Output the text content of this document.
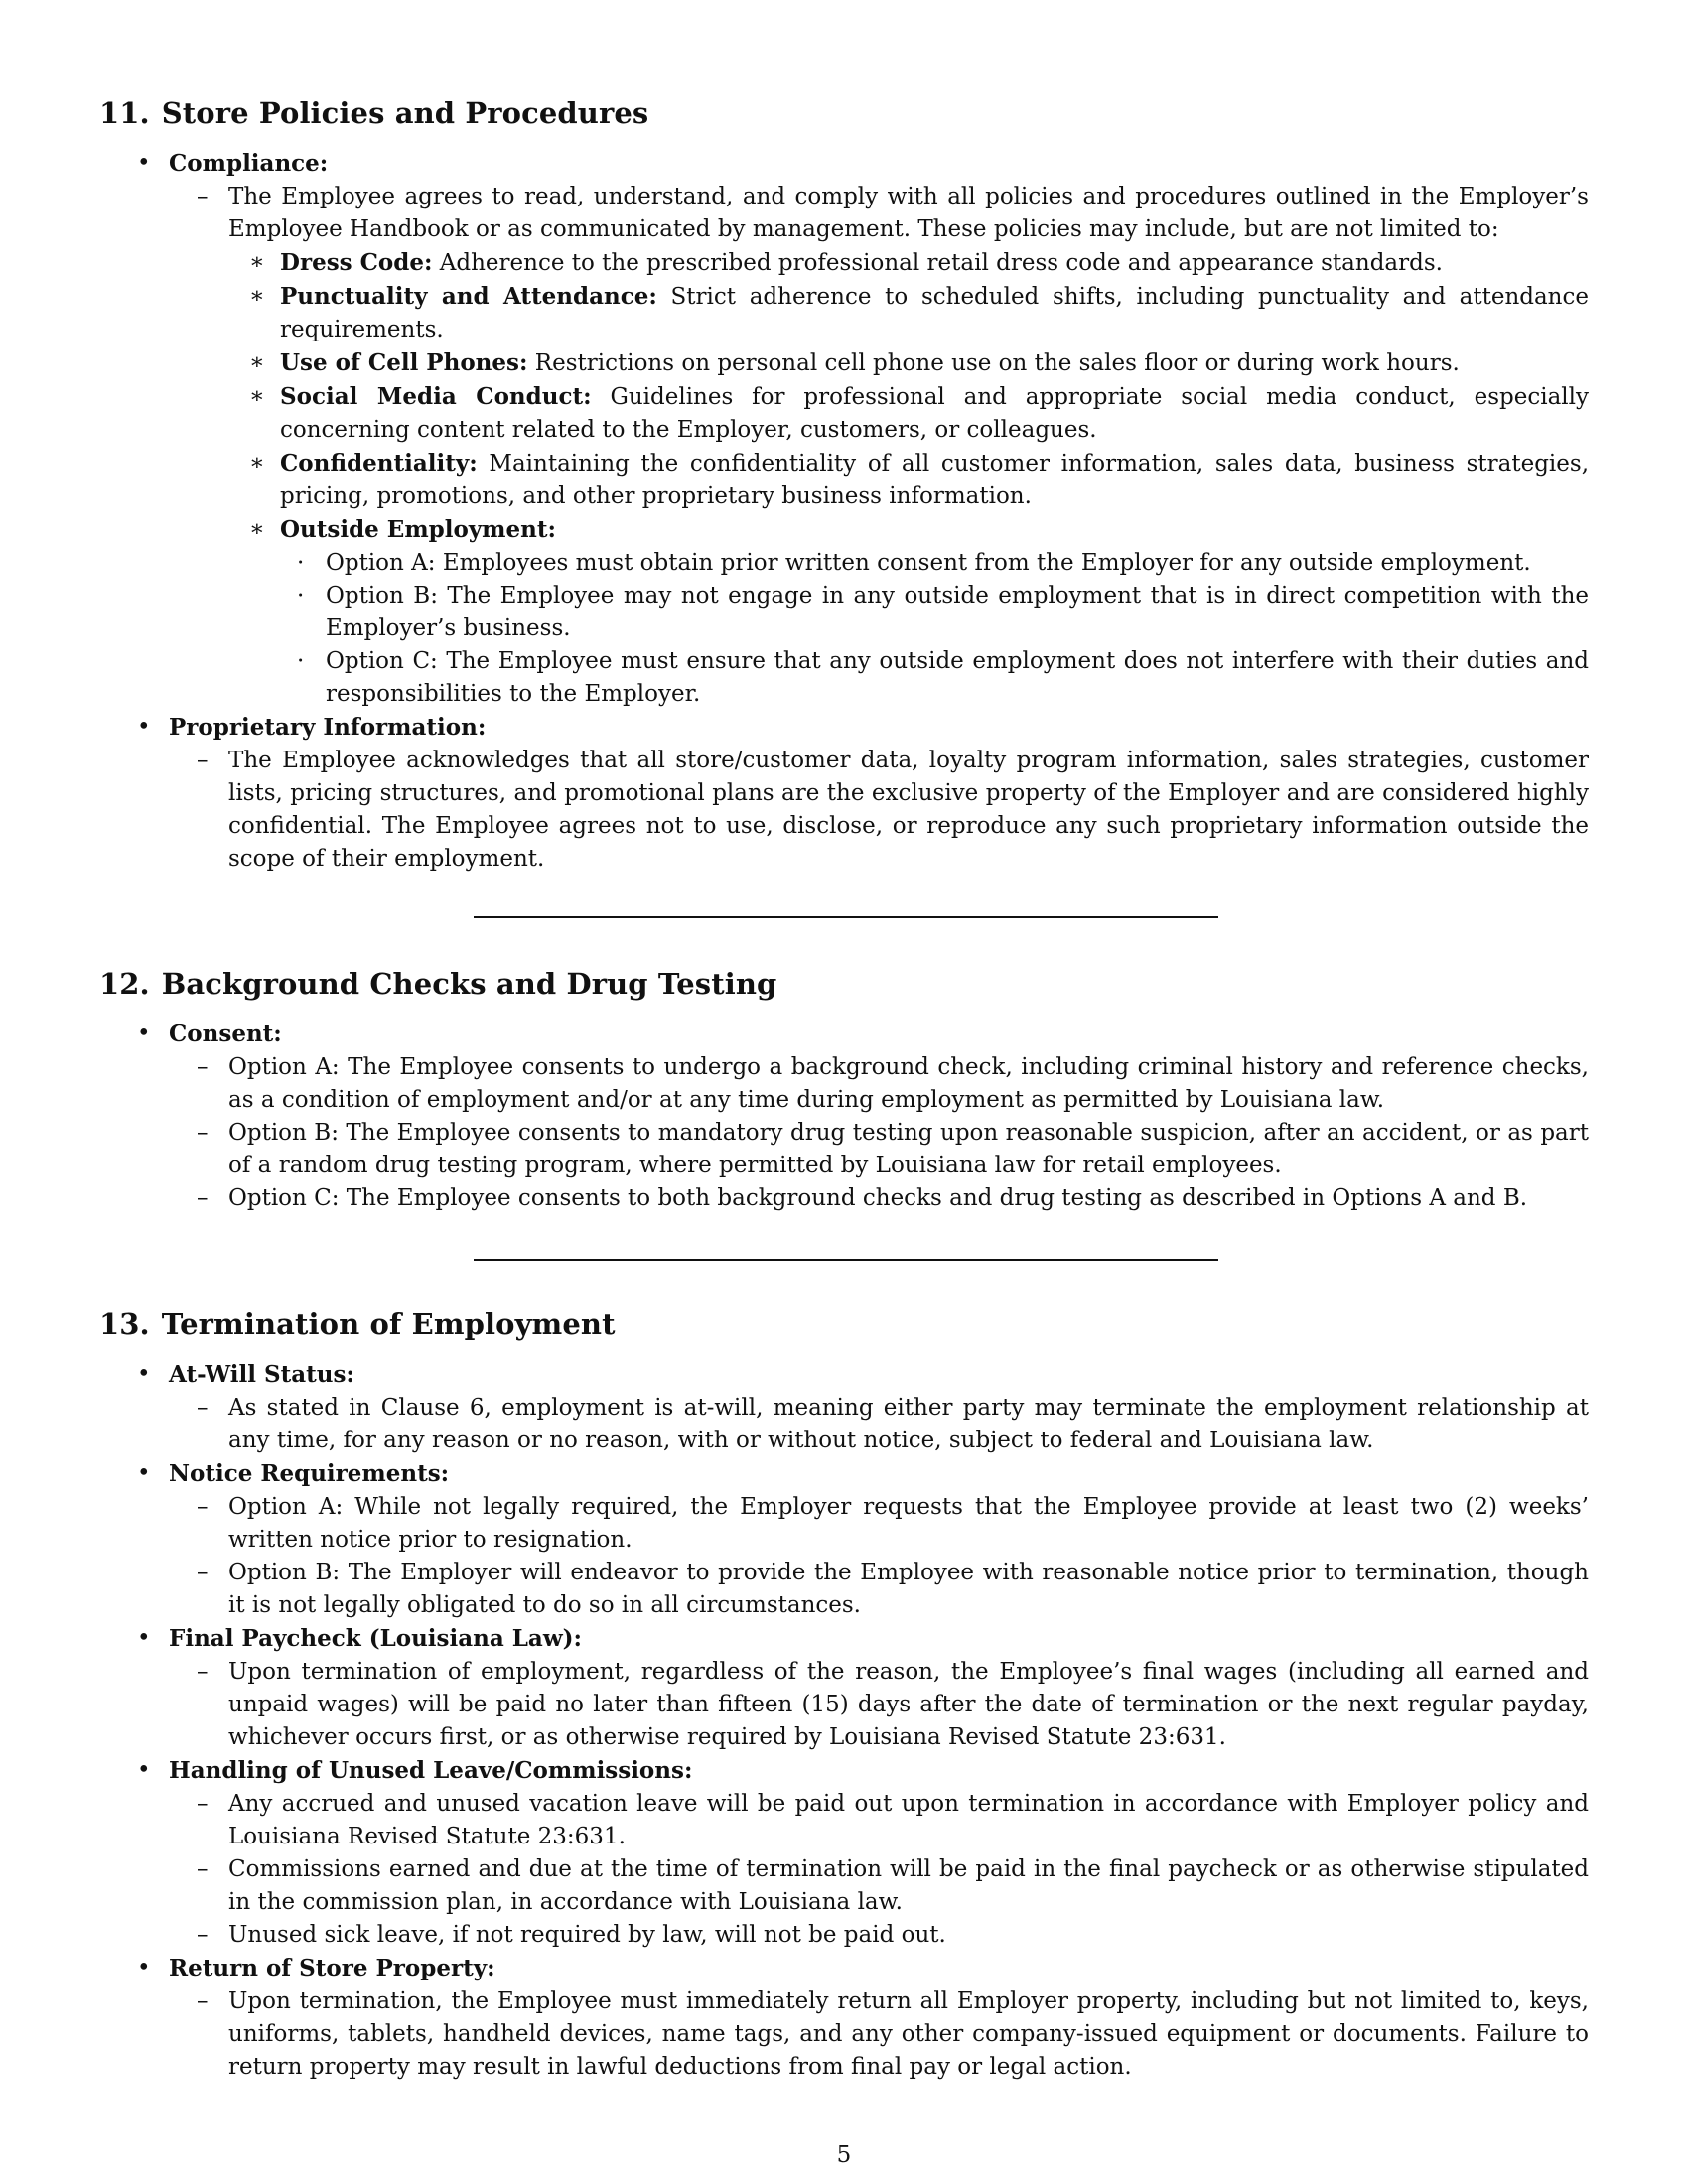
11. Store Policies and Procedures
• Compliance:
– The Employee agrees to read, understand, and comply with all policies and procedures outlined in the Employer’s Employee Handbook or as communicated by management. These policies may include, but are not limited to:
∗ Dress Code: Adherence to the prescribed professional retail dress code and appearance standards.
∗ Punctuality and Attendance: Strict adherence to scheduled shifts, including punctuality and attendance requirements.
∗ Use of Cell Phones: Restrictions on personal cell phone use on the sales floor or during work hours.
∗ Social Media Conduct: Guidelines for professional and appropriate social media conduct, especially concerning content related to the Employer, customers, or colleagues.
∗ Confidentiality: Maintaining the confidentiality of all customer information, sales data, business strategies, pricing, promotions, and other proprietary business information.
∗ Outside Employment:
· Option A: Employees must obtain prior written consent from the Employer for any outside employment.
· Option B: The Employee may not engage in any outside employment that is in direct competition with the Employer’s business.
· Option C: The Employee must ensure that any outside employment does not interfere with their duties and responsibilities to the Employer.
• Proprietary Information:
– The Employee acknowledges that all store/customer data, loyalty program information, sales strategies, customer lists, pricing structures, and promotional plans are the exclusive property of the Employer and are considered highly confidential. The Employee agrees not to use, disclose, or reproduce any such proprietary information outside the scope of their employment.
12. Background Checks and Drug Testing
• Consent:
– Option A: The Employee consents to undergo a background check, including criminal history and reference checks, as a condition of employment and/or at any time during employment as permitted by Louisiana law.
– Option B: The Employee consents to mandatory drug testing upon reasonable suspicion, after an accident, or as part of a random drug testing program, where permitted by Louisiana law for retail employees.
– Option C: The Employee consents to both background checks and drug testing as described in Options A and B.
13. Termination of Employment
• At-Will Status:
– As stated in Clause 6, employment is at-will, meaning either party may terminate the employment relationship at any time, for any reason or no reason, with or without notice, subject to federal and Louisiana law.
• Notice Requirements:
– Option A: While not legally required, the Employer requests that the Employee provide at least two (2) weeks’ written notice prior to resignation.
– Option B: The Employer will endeavor to provide the Employee with reasonable notice prior to termination, though it is not legally obligated to do so in all circumstances.
• Final Paycheck (Louisiana Law):
– Upon termination of employment, regardless of the reason, the Employee’s final wages (including all earned and unpaid wages) will be paid no later than fifteen (15) days after the date of termination or the next regular payday, whichever occurs first, or as otherwise required by Louisiana Revised Statute 23:631.
• Handling of Unused Leave/Commissions:
– Any accrued and unused vacation leave will be paid out upon termination in accordance with Employer policy and Louisiana Revised Statute 23:631.
– Commissions earned and due at the time of termination will be paid in the final paycheck or as otherwise stipulated in the commission plan, in accordance with Louisiana law.
– Unused sick leave, if not required by law, will not be paid out.
• Return of Store Property:
– Upon termination, the Employee must immediately return all Employer property, including but not limited to, keys, uniforms, tablets, handheld devices, name tags, and any other company-issued equipment or documents. Failure to return property may result in lawful deductions from final pay or legal action.
5
